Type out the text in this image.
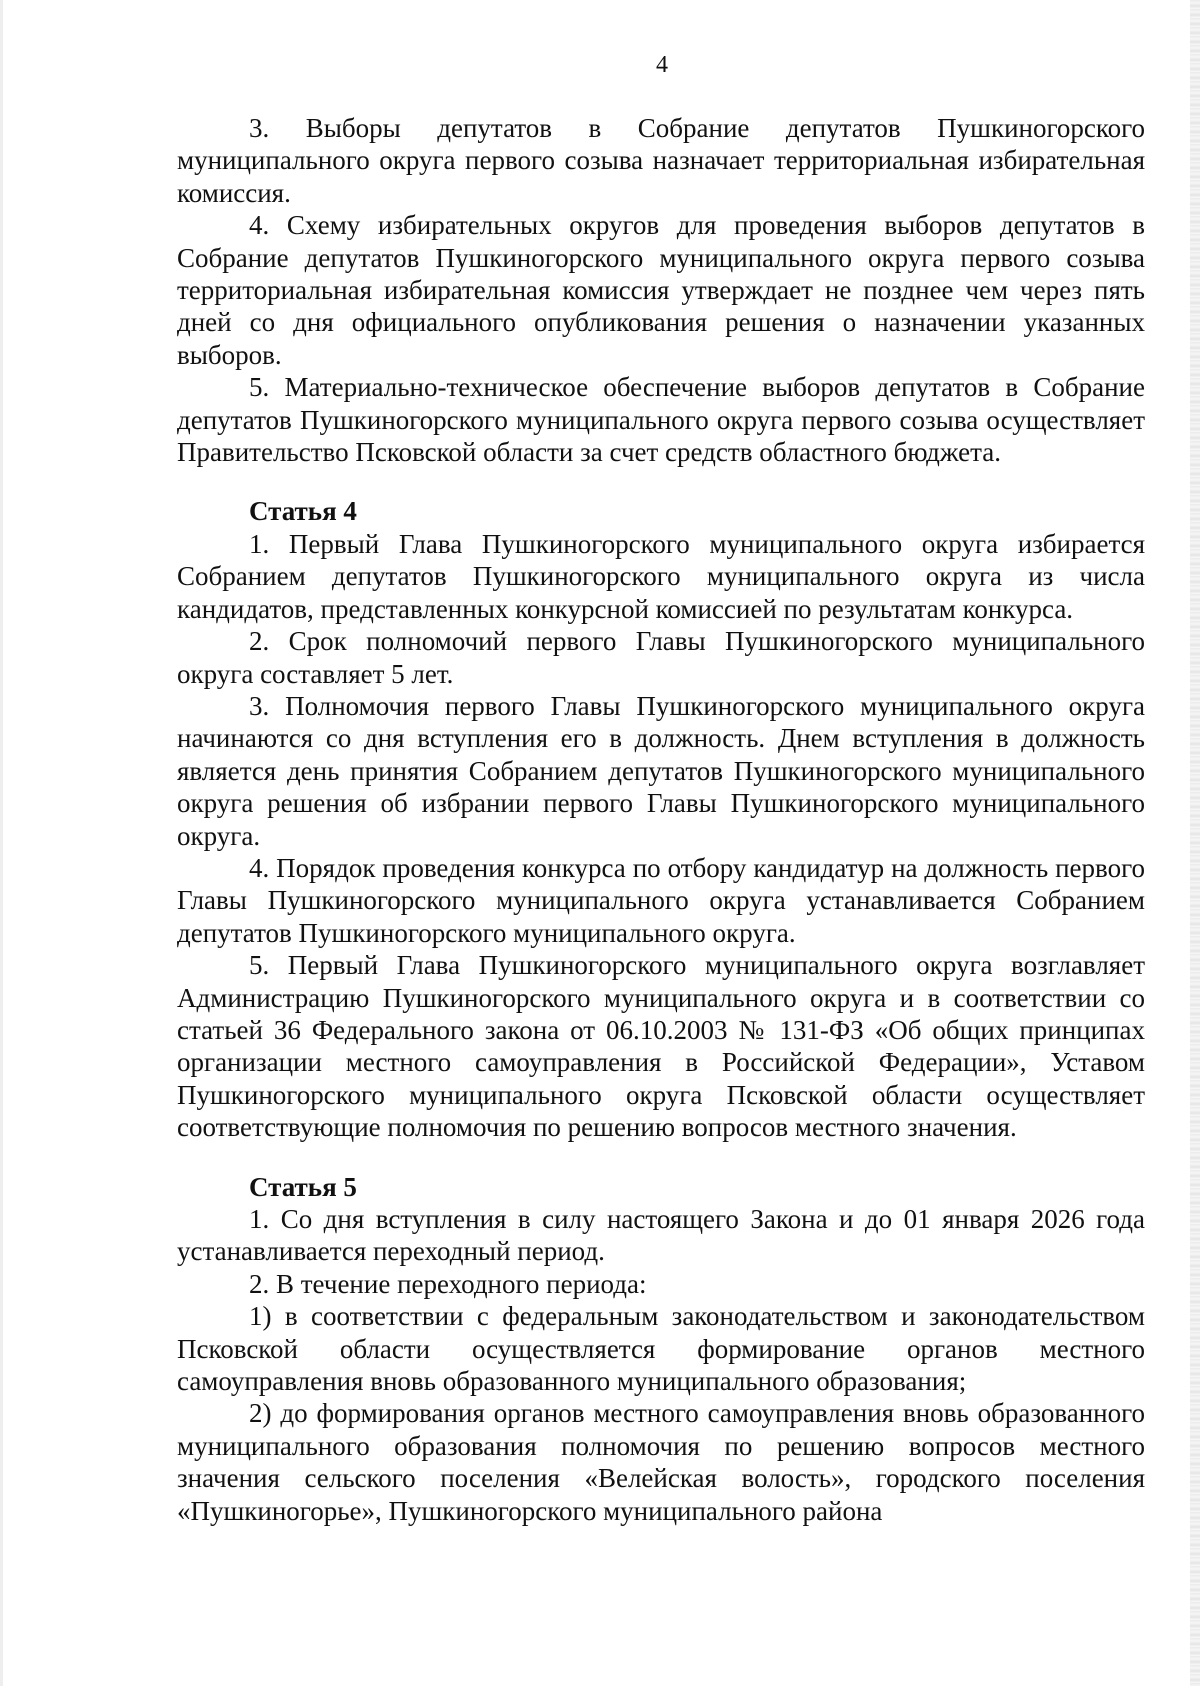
4

3. Выборы депутатов в Собрание депутатов Пушкиногорского муниципального округа первого созыва назначает территориальная избирательная комиссия.

4. Схему избирательных округов для проведения выборов депутатов в Собрание депутатов Пушкиногорского муниципального округа первого созыва территориальная избирательная комиссия утверждает не позднее чем через пять дней со дня официального опубликования решения о назначении указанных выборов.

5. Материально-техническое обеспечение выборов депутатов в Собрание депутатов Пушкиногорского муниципального округа первого созыва осуществляет Правительство Псковской области за счет средств областного бюджета.

Статья 4

1. Первый Глава Пушкиногорского муниципального округа избирается Собранием депутатов Пушкиногорского муниципального округа из числа кандидатов, представленных конкурсной комиссией по результатам конкурса.

2. Срок полномочий первого Главы Пушкиногорского муниципального округа составляет 5 лет.

3. Полномочия первого Главы Пушкиногорского муниципального округа начинаются со дня вступления его в должность. Днем вступления в должность является день принятия Собранием депутатов Пушкиногорского муниципального округа решения об избрании первого Главы Пушкиногорского муниципального округа.

4. Порядок проведения конкурса по отбору кандидатур на должность первого Главы Пушкиногорского муниципального округа устанавливается Собранием депутатов Пушкиногорского муниципального округа.

5. Первый Глава Пушкиногорского муниципального округа возглавляет Администрацию Пушкиногорского муниципального округа и в соответствии со статьей 36 Федерального закона от 06.10.2003 № 131-ФЗ «Об общих принципах организации местного самоуправления в Российской Федерации», Уставом Пушкиногорского муниципального округа Псковской области осуществляет соответствующие полномочия по решению вопросов местного значения.

Статья 5

1. Со дня вступления в силу настоящего Закона и до 01 января 2026 года устанавливается переходный период.

2. В течение переходного периода:

1) в соответствии с федеральным законодательством и законодательством Псковской области осуществляется формирование органов местного самоуправления вновь образованного муниципального образования;

2) до формирования органов местного самоуправления вновь образованного муниципального образования полномочия по решению вопросов местного значения сельского поселения «Велейская волость», городского поселения «Пушкиногорье», Пушкиногорского муниципального района
